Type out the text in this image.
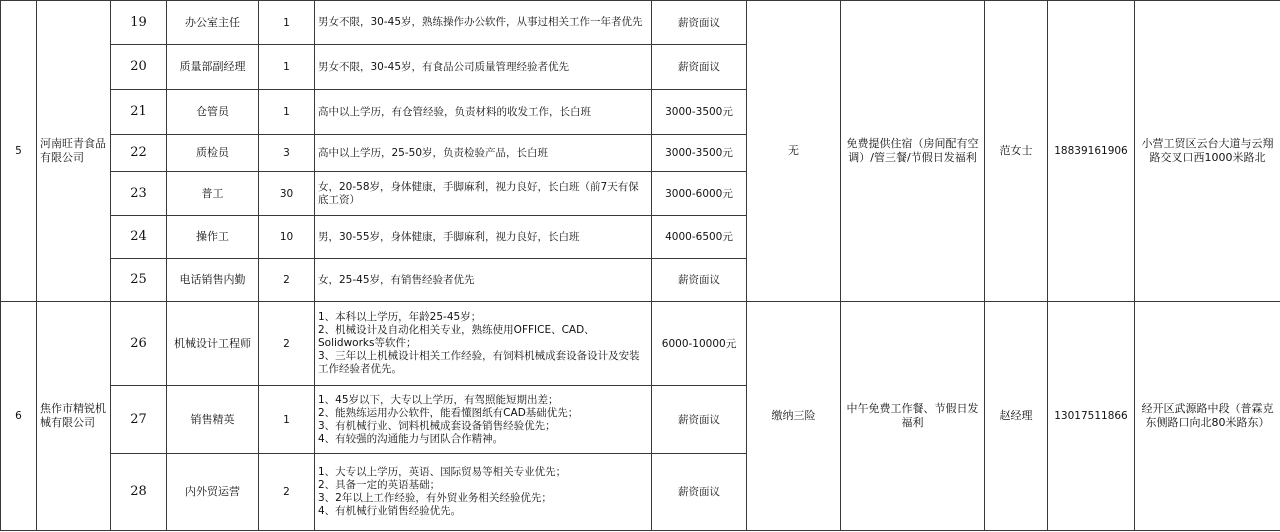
5	河南旺青食品有限公司	19	办公室主任	1	男女不限，30-45岁，熟练操作办公软件，从事过相关工作一年者优先	薪资面议	无	免费提供住宿（房间配有空调）/管三餐/节假日发福利	范女士	18839161906	小营工贸区云台大道与云翔路交叉口西1000米路北
		20	质量部副经理	1	男女不限，30-45岁，有食品公司质量管理经验者优先	薪资面议					
		21	仓管员	1	高中以上学历，有仓管经验，负责材料的收发工作，长白班	3000-3500元					
		22	质检员	3	高中以上学历，25-50岁，负责检验产品，长白班	3000-3500元					
		23	普工	30	女，20-58岁，身体健康，手脚麻利，视力良好，长白班（前7天有保底工资）	3000-6000元					
		24	操作工	10	男，30-55岁，身体健康，手脚麻利，视力良好，长白班	4000-6500元					
		25	电话销售内勤	2	女，25-45岁，有销售经验者优先	薪资面议					
6	焦作市精锐机械有限公司	26	机械设计工程师	2	1、本科以上学历，年龄25-45岁；
2、机械设计及自动化相关专业，熟练使用OFFICE、CAD、Solidworks等软件；
3、三年以上机械设计相关工作经验，有饲料机械成套设备设计及安装工作经验者优先。	6000-10000元	缴纳三险	中午免费工作餐、节假日发福利	赵经理	13017511866	经开区武源路中段（普霖克东侧路口向北80米路东）
		27	销售精英	1	1、45岁以下，大专以上学历，有驾照能短期出差；
2、能熟练运用办公软件，能看懂图纸有CAD基础优先；
3、有机械行业、饲料机械成套设备销售经验优先；
4、有较强的沟通能力与团队合作精神。	薪资面议					
		28	内外贸运营	2	1、大专以上学历，英语、国际贸易等相关专业优先；
2、具备一定的英语基础；
3、2年以上工作经验，有外贸业务相关经验优先；
4、有机械行业销售经验优先。	薪资面议					
